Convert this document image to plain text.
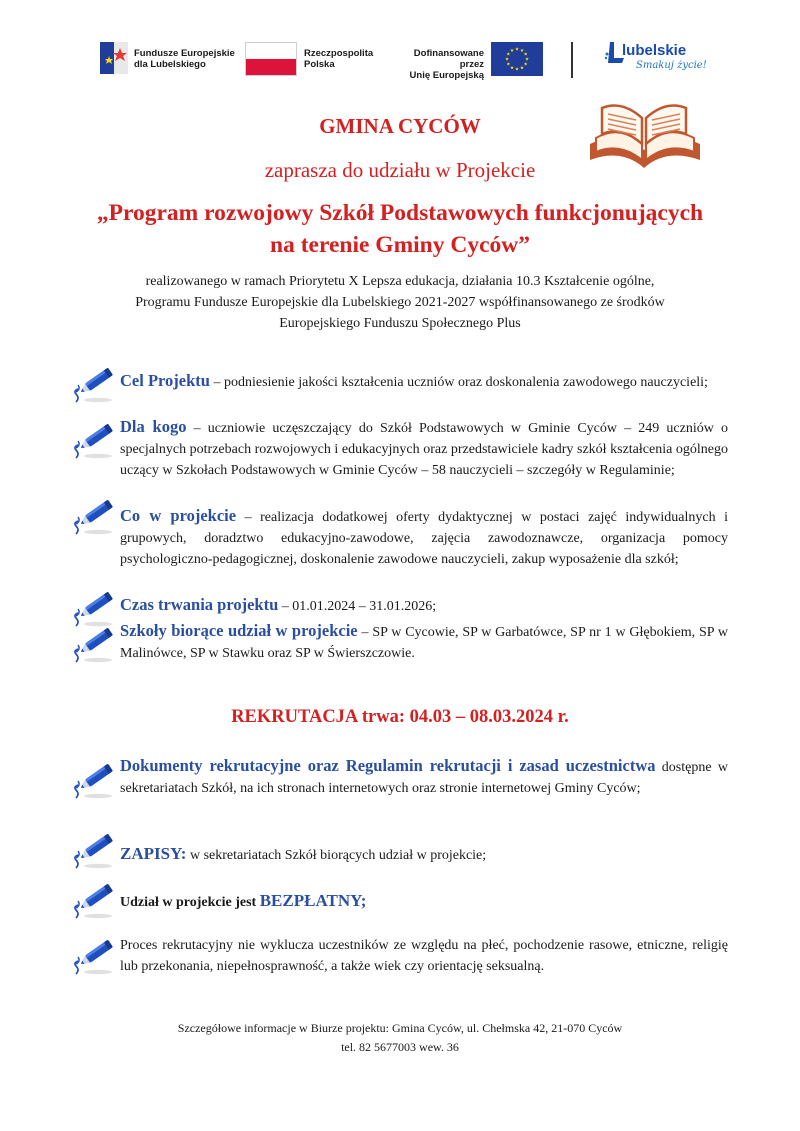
Fundusze Europejskie
dla Lubelskiego
Rzeczpospolita
Polska
Dofinansowane przez
Unię Europejską
lubelskie
Smakuj życie!
GMINA CYCÓW
zaprasza do udziału w Projekcie
„Program rozwojowy Szkół Podstawowych funkcjonujących
na terenie Gminy Cyców”
realizowanego w ramach Priorytetu X Lepsza edukacja, działania 10.3 Kształcenie ogólne,
Programu Fundusze Europejskie dla Lubelskiego 2021-2027 współfinansowanego ze środków
Europejskiego Funduszu Społecznego Plus
Cel Projektu – podniesienie jakości kształcenia uczniów oraz doskonalenia zawodowego nauczycieli;
Dla kogo – uczniowie uczęszczający do Szkół Podstawowych w Gminie Cyców – 249 uczniów o specjalnych potrzebach rozwojowych i edukacyjnych oraz przedstawiciele kadry szkół kształcenia ogólnego uczący w Szkołach Podstawowych w Gminie Cyców – 58 nauczycieli – szczegóły w Regulaminie;
Co w projekcie – realizacja dodatkowej oferty dydaktycznej w postaci zajęć indywidualnych i grupowych, doradztwo edukacyjno-zawodowe, zajęcia zawodoznawcze, organizacja pomocy psychologiczno-pedagogicznej, doskonalenie zawodowe nauczycieli, zakup wyposażenie dla szkół;
Czas trwania projektu – 01.01.2024 – 31.01.2026;
Szkoły biorące udział w projekcie – SP w Cycowie, SP w Garbatówce, SP nr 1 w Głębokiem, SP w Malinówce, SP w Stawku oraz SP w Świerszczowie.
REKRUTACJA trwa: 04.03 – 08.03.2024 r.
Dokumenty rekrutacyjne oraz Regulamin rekrutacji i zasad uczestnictwa dostępne w sekretariatach Szkół, na ich stronach internetowych oraz stronie internetowej Gminy Cyców;
ZAPISY: w sekretariatach Szkół biorących udział w projekcie;
Udział w projekcie jest BEZPŁATNY;
Proces rekrutacyjny nie wyklucza uczestników ze względu na płeć, pochodzenie rasowe, etniczne, religię lub przekonania, niepełnosprawność, a także wiek czy orientację seksualną.
Szczegółowe informacje w Biurze projektu: Gmina Cyców, ul. Chełmska 42, 21-070 Cyców
tel. 82 5677003 wew. 36
